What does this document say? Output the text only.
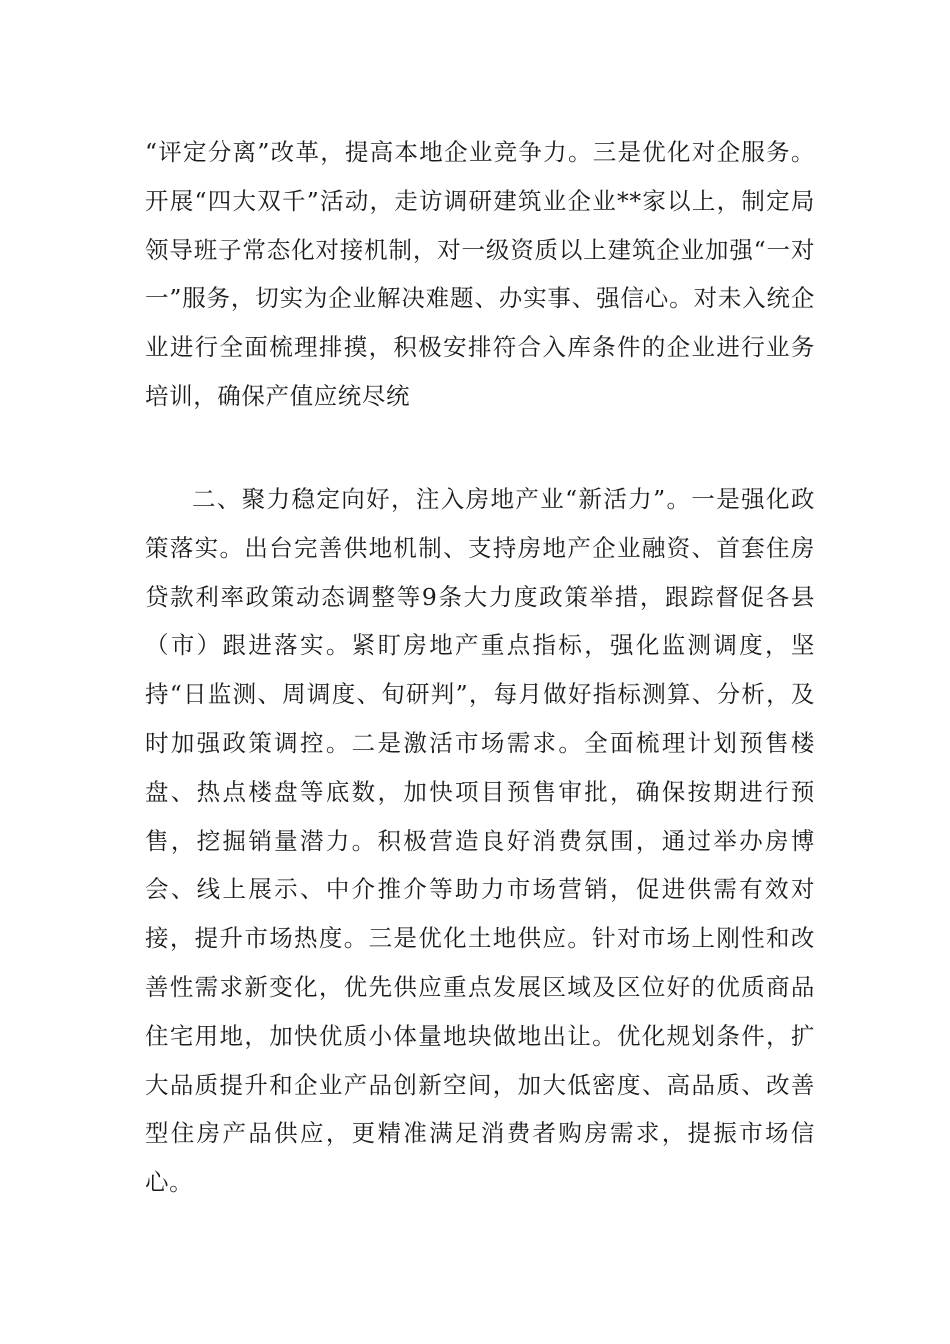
“评定分离”改革，提高本地企业竞争力。三是优化对企服务。开展“四大双千”活动，走访调研建筑业企业**家以上，制定局领导班子常态化对接机制，对一级资质以上建筑企业加强“一对一”服务，切实为企业解决难题、办实事、强信心。对未入统企业进行全面梳理排摸，积极安排符合入库条件的企业进行业务培训，确保产值应统尽统

二、聚力稳定向好，注入房地产业“新活力”。一是强化政策落实。出台完善供地机制、支持房地产企业融资、首套住房贷款利率政策动态调整等9条大力度政策举措，跟踪督促各县（市）跟进落实。紧盯房地产重点指标，强化监测调度，坚持“日监测、周调度、旬研判”，每月做好指标测算、分析，及时加强政策调控。二是激活市场需求。全面梳理计划预售楼盘、热点楼盘等底数，加快项目预售审批，确保按期进行预售，挖掘销量潜力。积极营造良好消费氛围，通过举办房博会、线上展示、中介推介等助力市场营销，促进供需有效对接，提升市场热度。三是优化土地供应。针对市场上刚性和改善性需求新变化，优先供应重点发展区域及区位好的优质商品住宅用地，加快优质小体量地块做地出让。优化规划条件，扩大品质提升和企业产品创新空间，加大低密度、高品质、改善型住房产品供应，更精准满足消费者购房需求，提振市场信心。
